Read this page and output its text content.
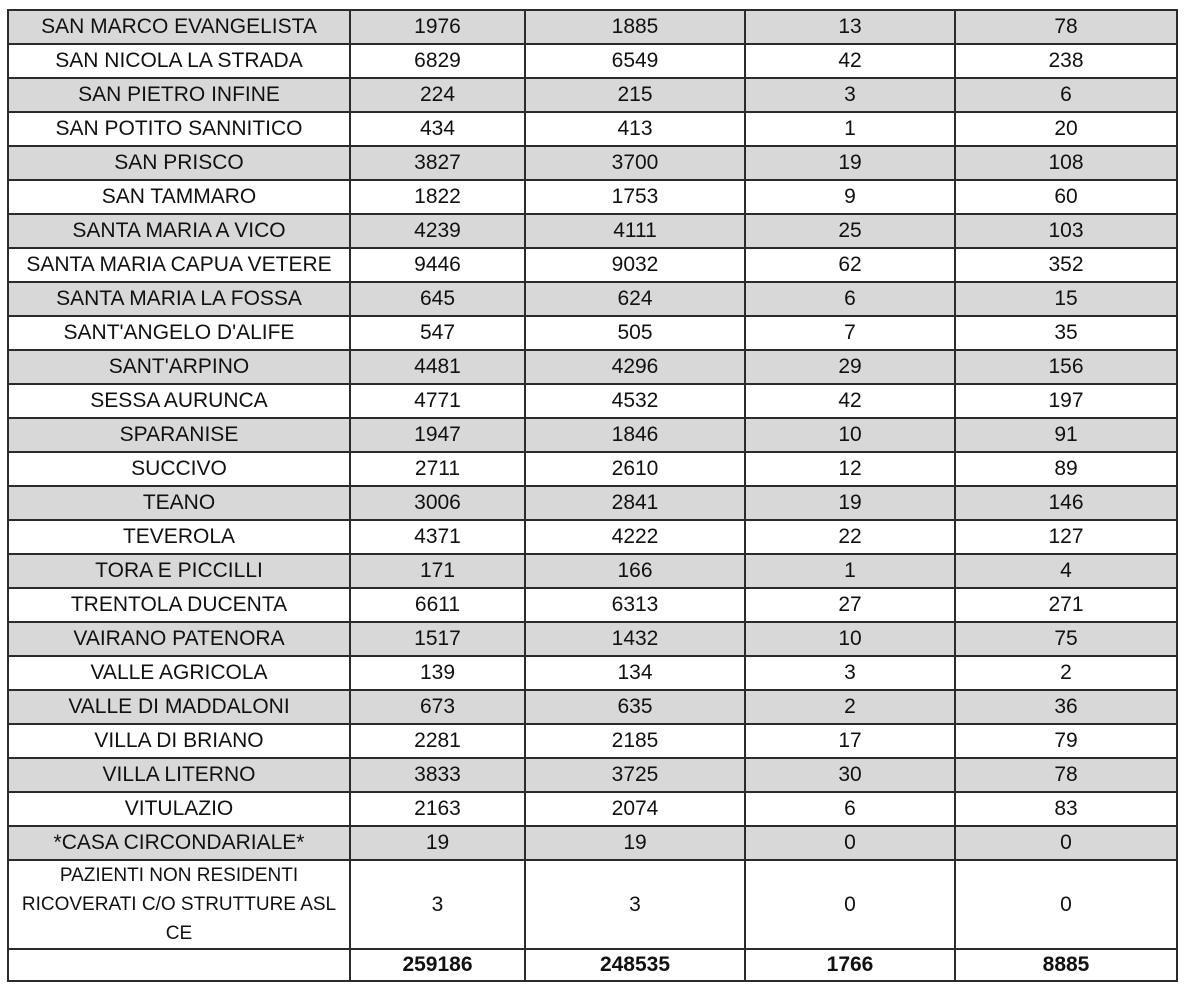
SAN MARCO EVANGELISTA	1976	1885	13	78
SAN NICOLA LA STRADA	6829	6549	42	238
SAN PIETRO INFINE	224	215	3	6
SAN POTITO SANNITICO	434	413	1	20
SAN PRISCO	3827	3700	19	108
SAN TAMMARO	1822	1753	9	60
SANTA MARIA A VICO	4239	4111	25	103
SANTA MARIA CAPUA VETERE	9446	9032	62	352
SANTA MARIA LA FOSSA	645	624	6	15
SANT'ANGELO D'ALIFE	547	505	7	35
SANT'ARPINO	4481	4296	29	156
SESSA AURUNCA	4771	4532	42	197
SPARANISE	1947	1846	10	91
SUCCIVO	2711	2610	12	89
TEANO	3006	2841	19	146
TEVEROLA	4371	4222	22	127
TORA E PICCILLI	171	166	1	4
TRENTOLA DUCENTA	6611	6313	27	271
VAIRANO PATENORA	1517	1432	10	75
VALLE AGRICOLA	139	134	3	2
VALLE DI MADDALONI	673	635	2	36
VILLA DI BRIANO	2281	2185	17	79
VILLA LITERNO	3833	3725	30	78
VITULAZIO	2163	2074	6	83
*CASA CIRCONDARIALE*	19	19	0	0
PAZIENTI NON RESIDENTI RICOVERATI C/O STRUTTURE ASL CE	3	3	0	0
	259186	248535	1766	8885
